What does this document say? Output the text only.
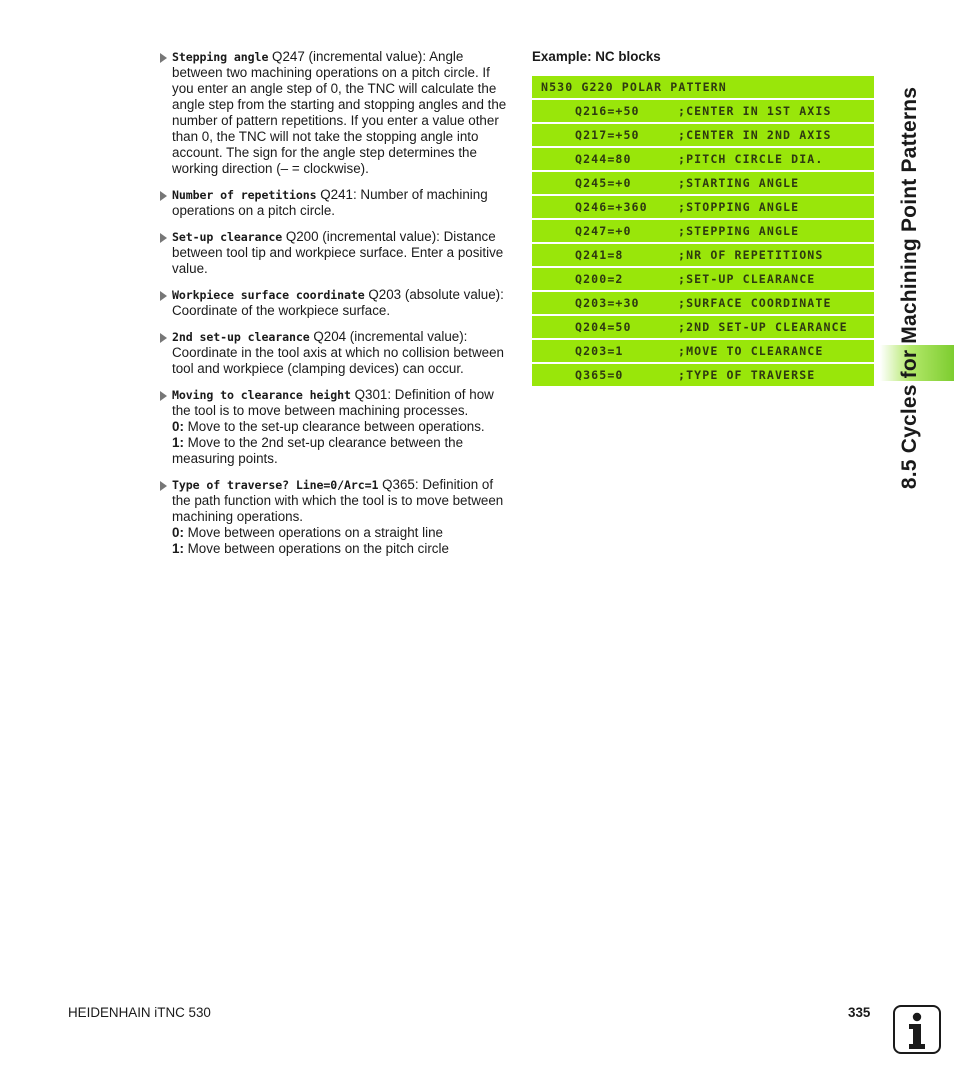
Stepping angle Q247 (incremental value): Angle between two machining operations on a pitch circle. If you enter an angle step of 0, the TNC will calculate the angle step from the starting and stopping angles and the number of pattern repetitions. If you enter a value other than 0, the TNC will not take the stopping angle into account. The sign for the angle step determines the working direction (– = clockwise).
Number of repetitions Q241: Number of machining operations on a pitch circle.
Set-up clearance Q200 (incremental value): Distance between tool tip and workpiece surface. Enter a positive value.
Workpiece surface coordinate Q203 (absolute value): Coordinate of the workpiece surface.
2nd set-up clearance Q204 (incremental value): Coordinate in the tool axis at which no collision between tool and workpiece (clamping devices) can occur.
Moving to clearance height Q301: Definition of how the tool is to move between machining processes.
0: Move to the set-up clearance between operations.
1: Move to the 2nd set-up clearance between the measuring points.
Type of traverse? Line=0/Arc=1 Q365: Definition of the path function with which the tool is to move between machining operations.
0: Move between operations on a straight line
1: Move between operations on the pitch circle
Example: NC blocks
N530 G220 POLAR PATTERN
Q216=+50	;CENTER IN 1ST AXIS
Q217=+50	;CENTER IN 2ND AXIS
Q244=80	;PITCH CIRCLE DIA.
Q245=+0	;STARTING ANGLE
Q246=+360	;STOPPING ANGLE
Q247=+0	;STEPPING ANGLE
Q241=8	;NR OF REPETITIONS
Q200=2	;SET-UP CLEARANCE
Q203=+30	;SURFACE COORDINATE
Q204=50	;2ND SET-UP CLEARANCE
Q203=1	;MOVE TO CLEARANCE
Q365=0	;TYPE OF TRAVERSE	8.5 Cycles for Machining Point Patterns
HEIDENHAIN iTNC 530	335
